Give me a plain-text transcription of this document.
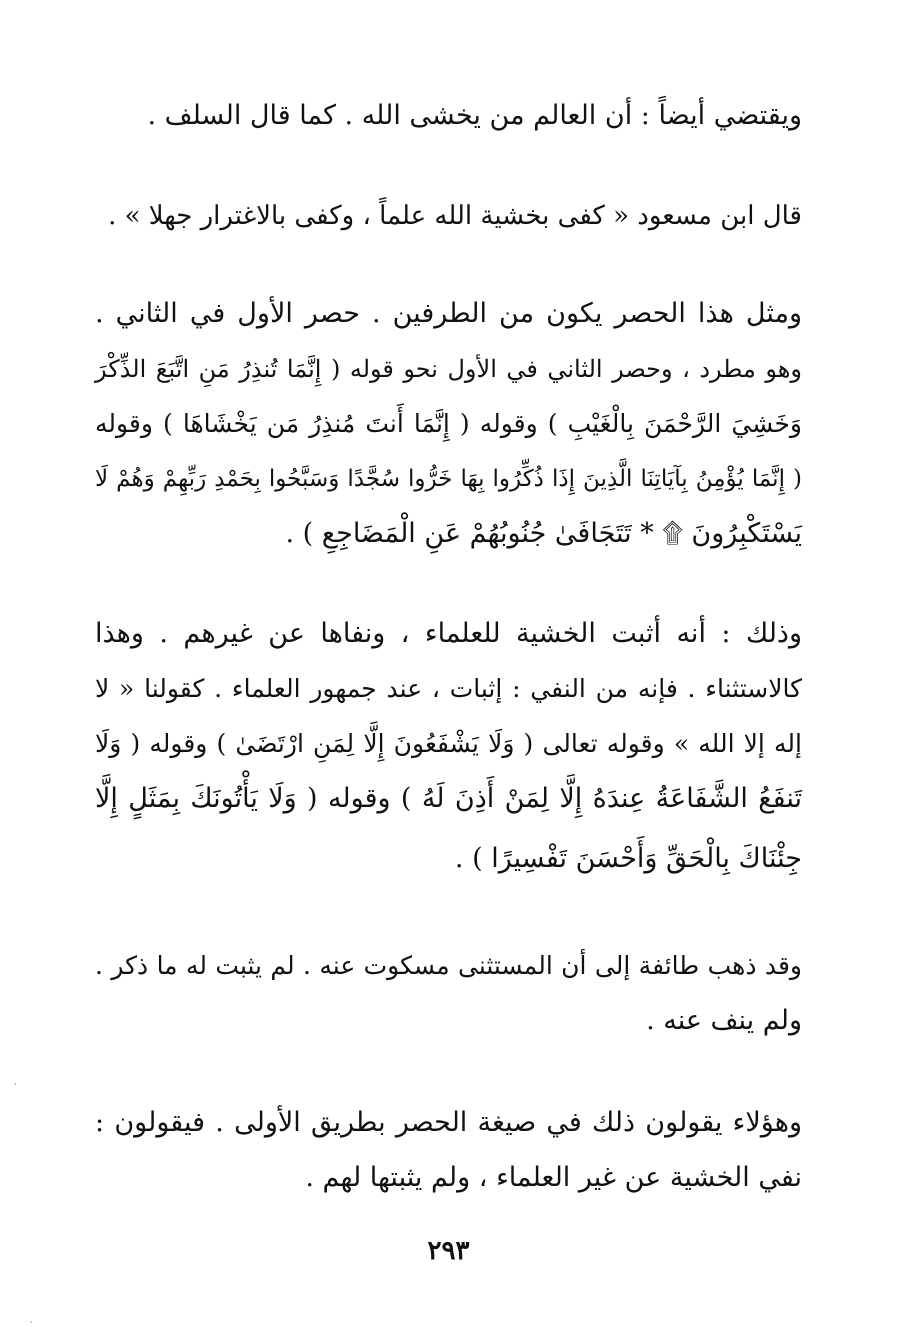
ويقتضي أيضاً : أن العالم من يخشى الله . كما قال السلف .
قال ابن مسعود « كفى بخشية الله علماً ، وكفى بالاغترار جهلا » .
ومثل هذا الحصر يكون من الطرفين . حصر الأول في الثاني .
وهو مطرد ، وحصر الثاني في الأول نحو قوله ( إِنَّمَا تُنذِرُ مَنِ اتَّبَعَ الذِّكْرَ
وَخَشِيَ الرَّحْمَنَ بِالْغَيْبِ ) وقوله ( إِنَّمَا أَنتَ مُنذِرُ مَن يَخْشَاهَا ) وقوله
( إِنَّمَا يُؤْمِنُ بِآيَاتِنَا الَّذِينَ إِذَا ذُكِّرُوا بِهَا خَرُّوا سُجَّدًا وَسَبَّحُوا بِحَمْدِ رَبِّهِمْ وَهُمْ لَا
يَسْتَكْبِرُونَ ۩ * تَتَجَافَىٰ جُنُوبُهُمْ عَنِ الْمَضَاجِعِ ) .
وذلك : أنه أثبت الخشية للعلماء ، ونفاها عن غيرهم . وهذا
كالاستثناء . فإنه من النفي : إثبات ، عند جمهور العلماء . كقولنا « لا
إله إلا الله » وقوله تعالى ( وَلَا يَشْفَعُونَ إِلَّا لِمَنِ ارْتَضَىٰ ) وقوله ( وَلَا
تَنفَعُ الشَّفَاعَةُ عِندَهُ إِلَّا لِمَنْ أَذِنَ لَهُ ) وقوله ( وَلَا يَأْتُونَكَ بِمَثَلٍ إِلَّا
جِئْنَاكَ بِالْحَقِّ وَأَحْسَنَ تَفْسِيرًا ) .
وقد ذهب طائفة إلى أن المستثنى مسكوت عنه . لم يثبت له ما ذكر .
ولم ينف عنه .
وهؤلاء يقولون ذلك في صيغة الحصر بطريق الأولى . فيقولون :
نفي الخشية عن غير العلماء ، ولم يثبتها لهم .
٢٩٣
